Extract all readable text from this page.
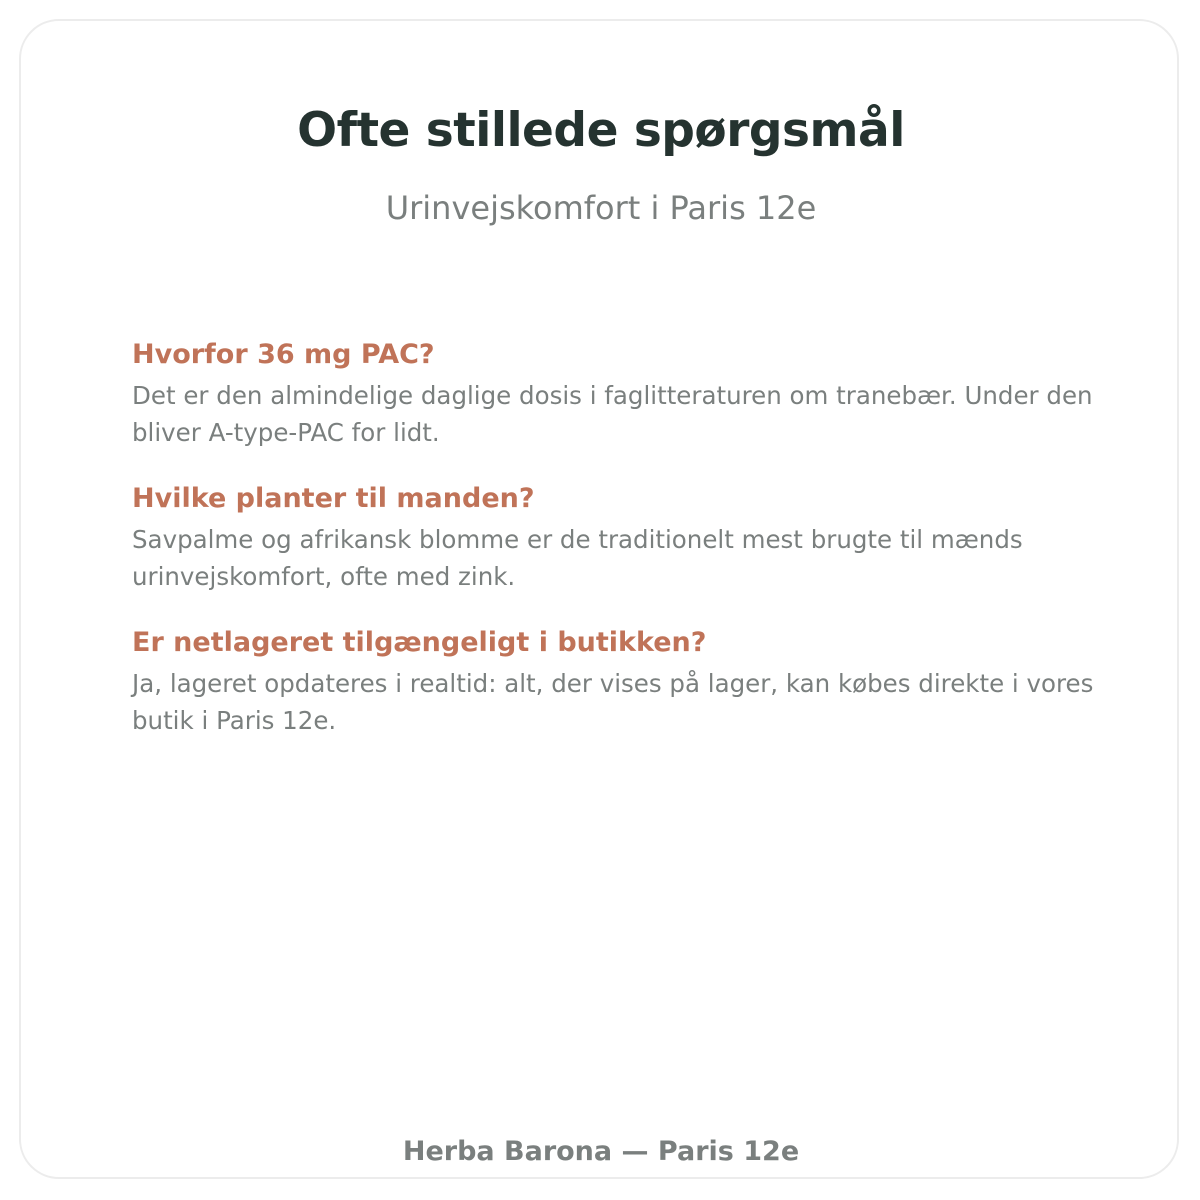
Ofte stillede spørgsmål
Urinvejskomfort i Paris 12e
Hvorfor 36 mg PAC?

Det er den almindelige daglige dosis i faglitteraturen om tranebær. Under den bliver A-type-PAC for lidt.

Hvilke planter til manden?

Savpalme og afrikansk blomme er de traditionelt mest brugte til mænds urinvejskomfort, ofte med zink.

Er netlageret tilgængeligt i butikken?

Ja, lageret opdateres i realtid: alt, der vises på lager, kan købes direkte i vores butik i Paris 12e.

Herba Barona — Paris 12e
